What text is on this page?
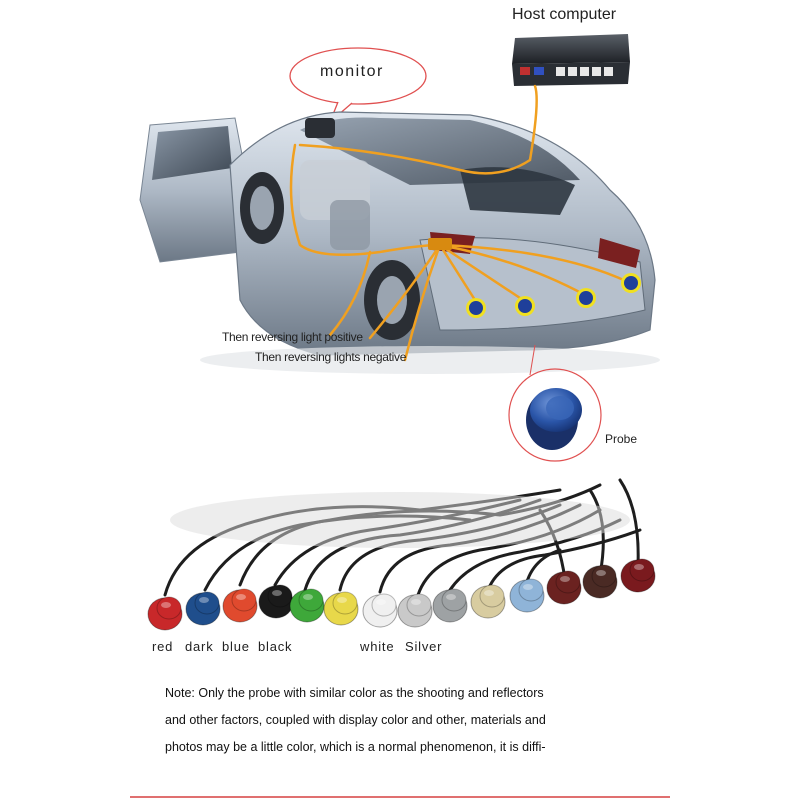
Host computer
monitor
Then reversing light positive
Then reversing lights negative
Probe
red dark blue black	white Silver
Note: Only the probe with similar color as the shooting and reflectors
and other factors, coupled with display color and other, materials and
photos may be a little color, which is a normal phenomenon, it is diffi-
